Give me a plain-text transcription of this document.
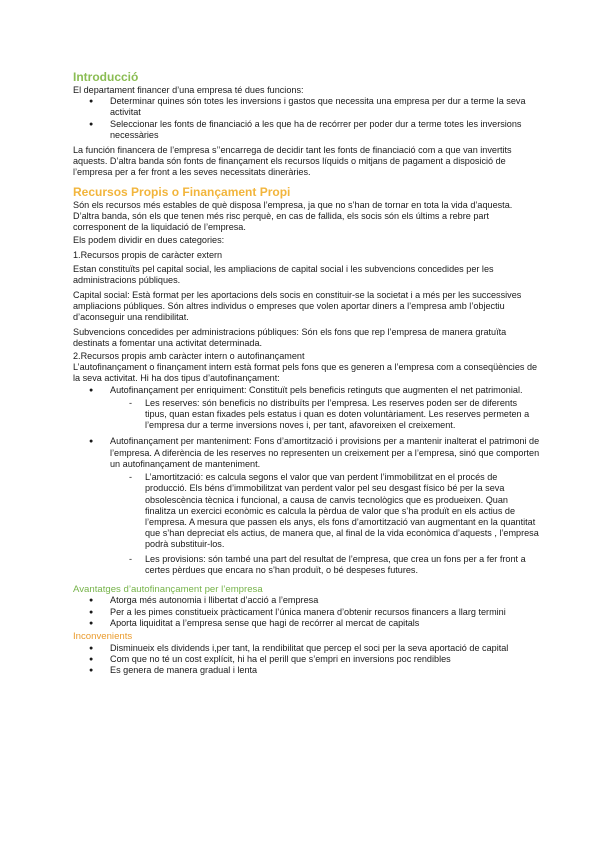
Introducció

El departament financer d’una empresa té dues funcions:

● Determinar quines són totes les inversions i gastos que necessita una empresa per dur a terme la seva activitat
● Seleccionar les fonts de financiació a les que ha de recórrer per poder dur a terme totes les inversions necessàries

La función financera de l’empresa s’’encarrega de decidir tant les fonts de financiació com a que van invertits aquests. D’altra banda són fonts de finançament els recursos líquids o mitjans de pagament a disposició de l’empresa per a fer front a les seves necessitats dineràries.

Recursos Propis o Finançament Propi

Són els recursos més estables de què disposa l’empresa, ja que no s’han de tornar en tota la vida d’aquesta. D’altra banda, són els que tenen més risc perquè, en cas de fallida, els socis són els últims a rebre part corresponent de la liquidació de l’empresa.

Els podem dividir en dues categories:

1.Recursos propis de caràcter extern

Estan constituïts pel capital social, les ampliacions de capital social i les subvencions concedides per les administracions públiques.

Capital social: Està format per les aportacions dels socis en constituir-se la societat i a més per les successives ampliacions públiques. Són altres individus o empreses que volen aportar diners a l’empresa amb l’objectiu d’aconseguir una rendibilitat.

Subvencions concedides per administracions públiques: Són els fons que rep l’empresa de manera gratuïta destinats a fomentar una activitat determinada.

2.Recursos propis amb caràcter intern o autofinançament

L’autofinançament o finançament intern està format pels fons que es generen a l’empresa com a conseqüències de la seva activitat. Hi ha dos tipus d’autofinançament:

● Autofinançament per enriquiment: Constituït pels beneficis retinguts que augmenten el net patrimonial.
- Les reserves: són beneficis no distribuïts per l’empresa. Les reserves poden ser de diferents tipus, quan estan fixades pels estatus i quan es doten voluntàriament. Les reserves permeten a l’empresa dur a terme inversions noves i, per tant, afavoreixen el creixement.
● Autofinançament per manteniment: Fons d’amortització i provisions per a mantenir inalterat el patrimoni de l’empresa. A diferència de les reserves no representen un creixement per a l’empresa, sinó que comporten un autofinançament de manteniment.
- L’amortització: es calcula segons el valor que van perdent l’immobilitzat en el procés de producció. Els béns d’immobilitzat van perdent valor pel seu desgast físico bé per la seva obsolescència tècnica i funcional, a causa de canvis tecnològics que es produeixen. Quan finalitza un exercici econòmic es calcula la pèrdua de valor que s’ha produït en els actius de l’empresa. A mesura que passen els anys, els fons d’amortització van augmentant en la quantitat que s’han depreciat els actius, de manera que, al final de la vida econòmica d’aquests , l’empresa podrà substituir-los.
- Les provisions: són també una part del resultat de l’empresa, que crea un fons per a fer front a certes pèrdues que encara no s’han produït, o bé despeses futures.
Avantatges d’autofinançament per l’empresa
● Atorga més autonomia i llibertat d’acció a l’empresa
● Per a les pimes constitueix pràcticament l’única manera d’obtenir recursos financers a llarg termini
● Aporta liquiditat a l’empresa sense que hagi de recórrer al mercat de capitals
Inconvenients
● Disminueix els dividends i,per tant, la rendibilitat que percep el soci per la seva aportació de capital
● Com que no té un cost explícit, hi ha el perill que s’empri en inversions poc rendibles
● Es genera de manera gradual i lenta
